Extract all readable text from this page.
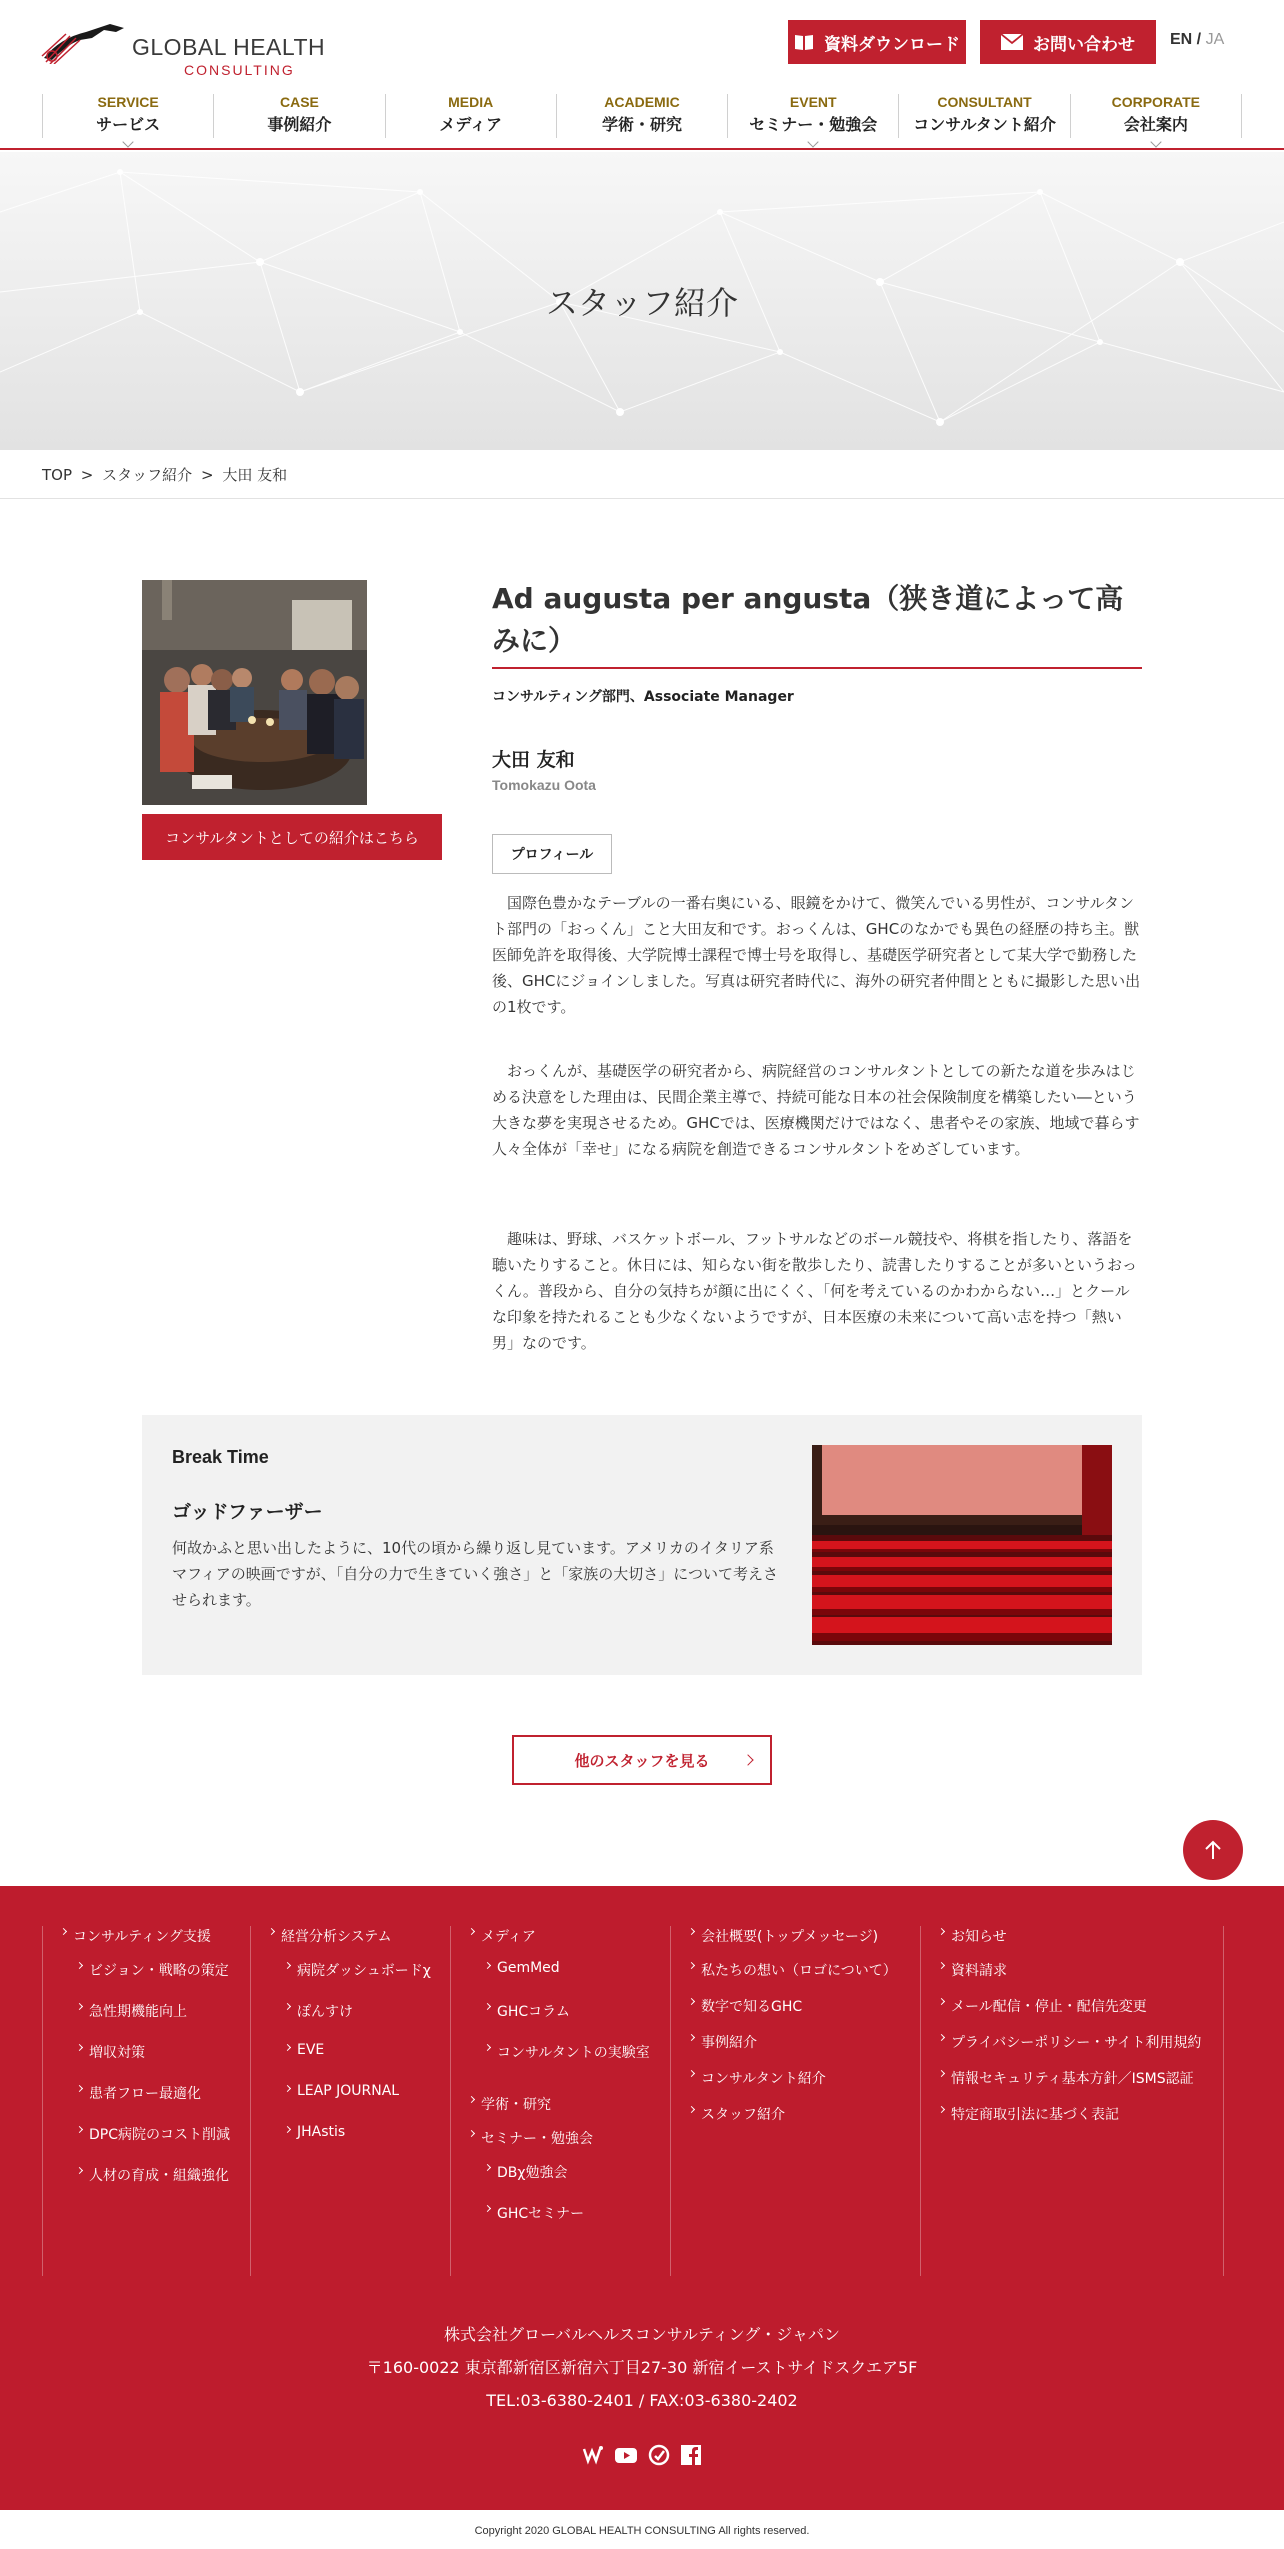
GLOBAL HEALTH
CONSULTING
資料ダウンロード	お問い合わせ EN / JA
SERVICE
サービス
CASE
事例紹介
MEDIA
メディア
ACADEMIC
学術・研究
EVENT
セミナー・勉強会
CONSULTANT
コンサルタント紹介
CORPORATE
会社案内
スタッフ紹介
TOP > スタッフ紹介 > 大田 友和
コンサルタントとしての紹介はこちら
Ad augusta per angusta（狭き道によって高みに）
コンサルティング部門、Associate Manager
大田 友和
Tomokazu Oota
プロフィール

国際色豊かなテーブルの一番右奥にいる、眼鏡をかけて、微笑んでいる男性が、コンサルタント部門の「おっくん」こと大田友和です。おっくんは、GHCのなかでも異色の経歴の持ち主。獣医師免許を取得後、大学院博士課程で博士号を取得し、基礎医学研究者として某大学で勤務した後、GHCにジョインしました。写真は研究者時代に、海外の研究者仲間とともに撮影した思い出の1枚です。

おっくんが、基礎医学の研究者から、病院経営のコンサルタントとしての新たな道を歩みはじめる決意をした理由は、民間企業主導で、持続可能な日本の社会保険制度を構築したい―という大きな夢を実現させるため。GHCでは、医療機関だけではなく、患者やその家族、地域で暮らす人々全体が「幸せ」になる病院を創造できるコンサルタントをめざしています。

趣味は、野球、バスケットボール、フットサルなどのボール競技や、将棋を指したり、落語を聴いたりすること。休日には、知らない街を散歩したり、読書したりすることが多いというおっくん。普段から、自分の気持ちが顔に出にくく、「何を考えているのかわからない…」とクールな印象を持たれることも少なくないようですが、日本医療の未来について高い志を持つ「熱い男」なのです。

Break Time
ゴッドファーザー

何故かふと思い出したように、10代の頃から繰り返し見ています。アメリカのイタリア系マフィアの映画ですが、「自分の力で生きていく強さ」と「家族の大切さ」について考えさせられます。

他のスタッフを見る
コンサルティング支援
ビジョン・戦略の策定
急性期機能向上
増収対策
患者フロー最適化
DPC病院のコスト削減
人材の育成・組織強化
経営分析システム
病院ダッシュボードχ
ぽんすけ
EVE
LEAP JOURNAL
JHAstis
メディア
GemMed
GHCコラム
コンサルタントの実験室
学術・研究
セミナー・勉強会
DBχ勉強会
GHCセミナー
会社概要(トップメッセージ)
私たちの想い（ロゴについて）
数字で知るGHC
事例紹介
コンサルタント紹介
スタッフ紹介
お知らせ
資料請求
メール配信・停止・配信先変更
プライバシーポリシー・サイト利用規約
情報セキュリティ基本方針／ISMS認証
特定商取引法に基づく表記
株式会社グローバルヘルスコンサルティング・ジャパン
〒160-0022 東京都新宿区新宿六丁目27-30 新宿イーストサイドスクエア5F
TEL:03-6380-2401 / FAX:03-6380-2402
Copyright 2020 GLOBAL HEALTH CONSULTING All rights reserved.
